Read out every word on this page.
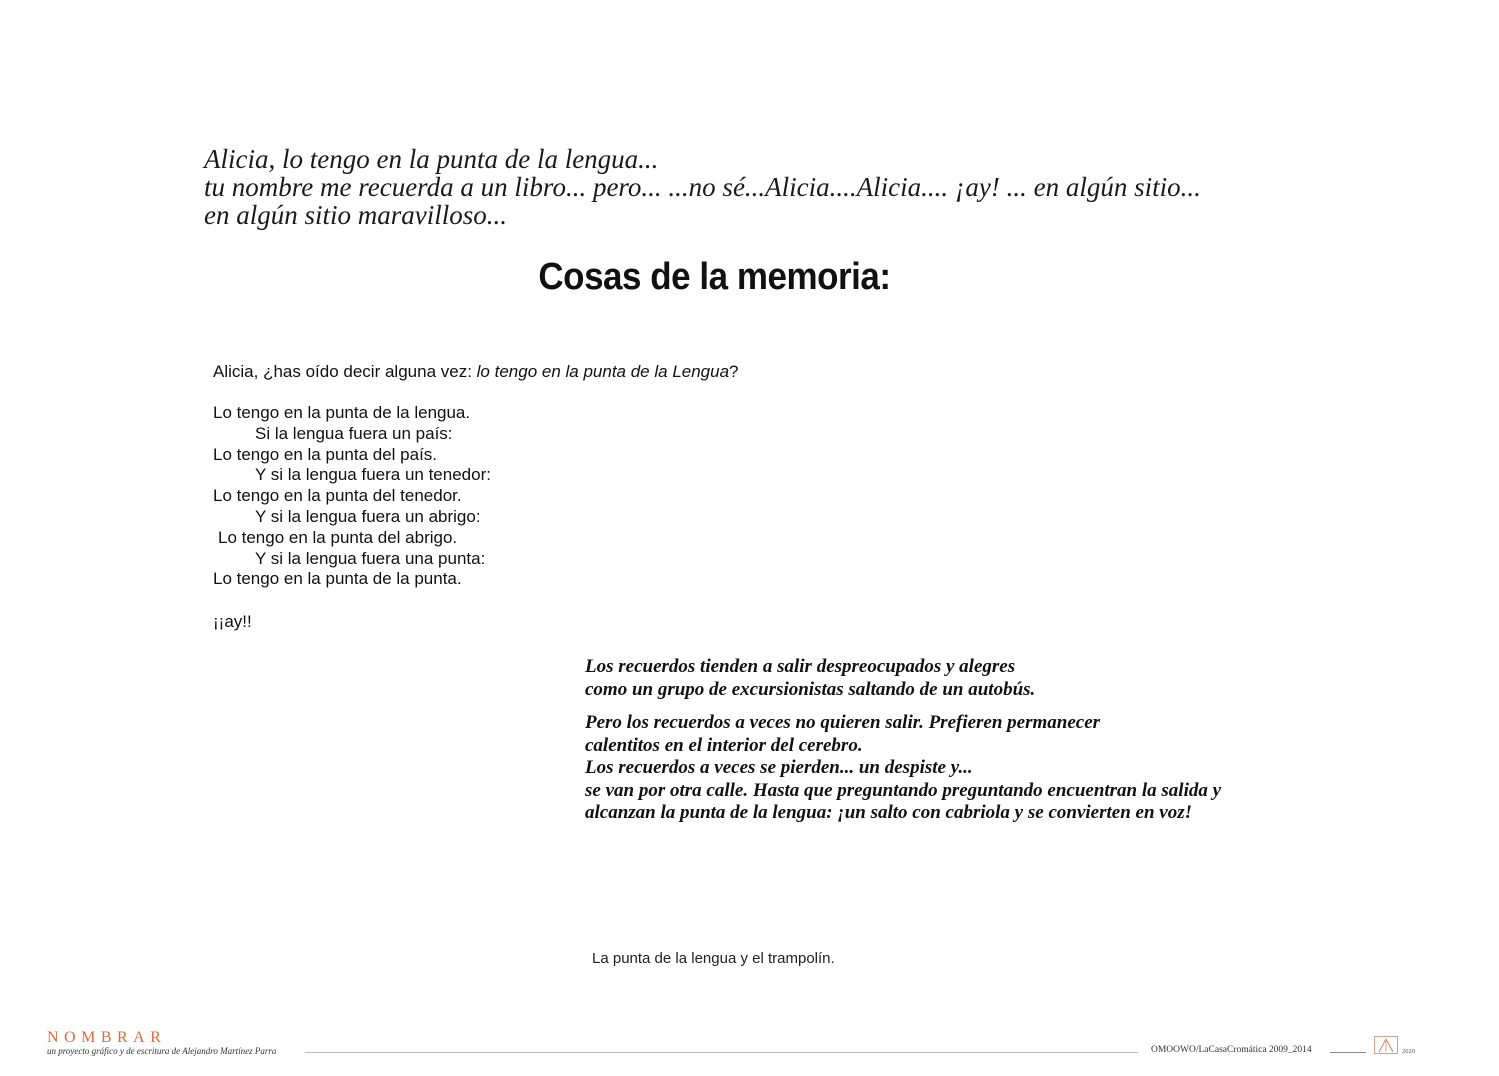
Alicia, lo tengo en la punta de la lengua...
tu nombre me recuerda a un libro... pero... ...no sé...Alicia....Alicia.... ¡ay! ... en algún sitio...
en algún sitio maravilloso...
Cosas de la memoria:
Alicia, ¿has oído decir alguna vez: lo tengo en la punta de la Lengua?
Lo tengo en la punta de la lengua.
Si la lengua fuera un país:
Lo tengo en la punta del país.
Y si la lengua fuera un tenedor:
Lo tengo en la punta del tenedor.
Y si la lengua fuera un abrigo:
Lo tengo en la punta del abrigo.
Y si la lengua fuera una punta:
Lo tengo en la punta de la punta.
¡¡ay!!
Los recuerdos tienden a salir despreocupados y alegres
como un grupo de excursionistas saltando de un autobús.
Pero los recuerdos a veces no quieren salir. Prefieren permanecer
calentitos en el interior del cerebro.
Los recuerdos a veces se pierden... un despiste y...
se van por otra calle. Hasta que preguntando preguntando encuentran la salida y
alcanzan la punta de la lengua: ¡un salto con cabriola y se convierten en voz!
La punta de la lengua y el trampolín.
NOMBRAR
un proyecto gráfico y de escritura de Alejandro Martínez Parra	OMOOWO/LaCasaCromática 2009_2014	2020
